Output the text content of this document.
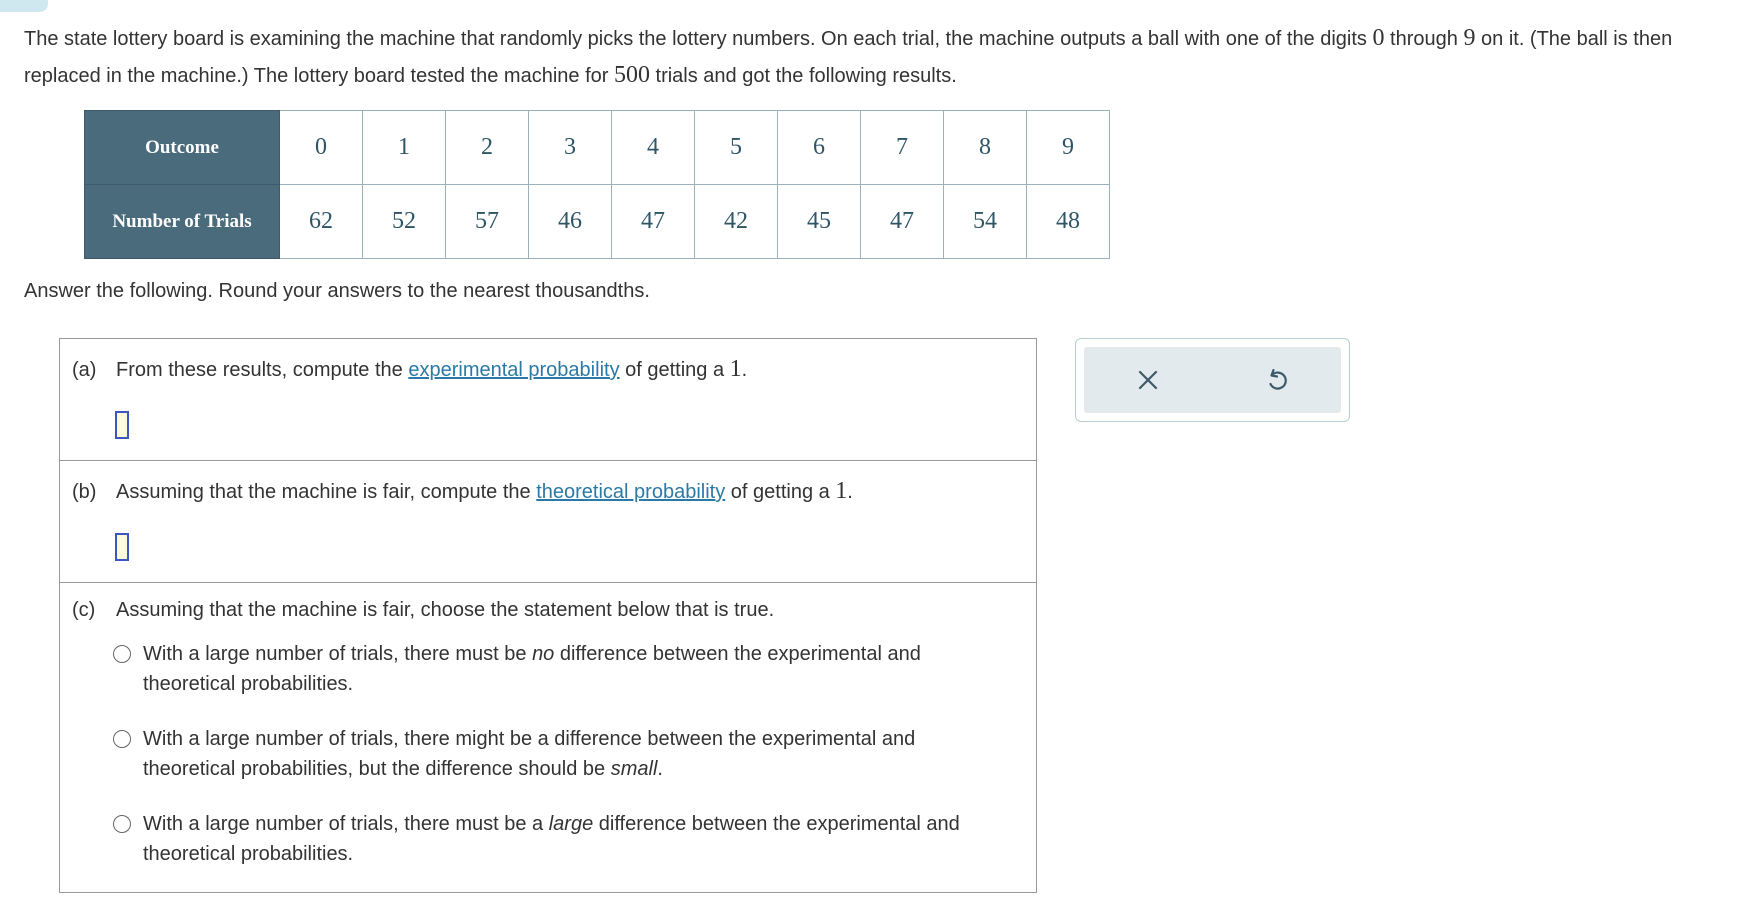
The state lottery board is examining the machine that randomly picks the lottery numbers. On each trial, the machine outputs a ball with one of the digits 0 through 9 on it. (The ball is then replaced in the machine.) The lottery board tested the machine for 500 trials and got the following results.
Outcome	0	1	2	3	4	5	6	7	8	9
Number of Trials	62	52	57	46	47	42	45	47	54	48
Answer the following. Round your answers to the nearest thousandths.
(a) From these results, compute the experimental probability of getting a 1.
(b) Assuming that the machine is fair, compute the theoretical probability of getting a 1.
(c) Assuming that the machine is fair, choose the statement below that is true.
With a large number of trials, there must be no difference between the experimental and
theoretical probabilities.
With a large number of trials, there might be a difference between the experimental and
theoretical probabilities, but the difference should be small.
With a large number of trials, there must be a large difference between the experimental and
theoretical probabilities.
